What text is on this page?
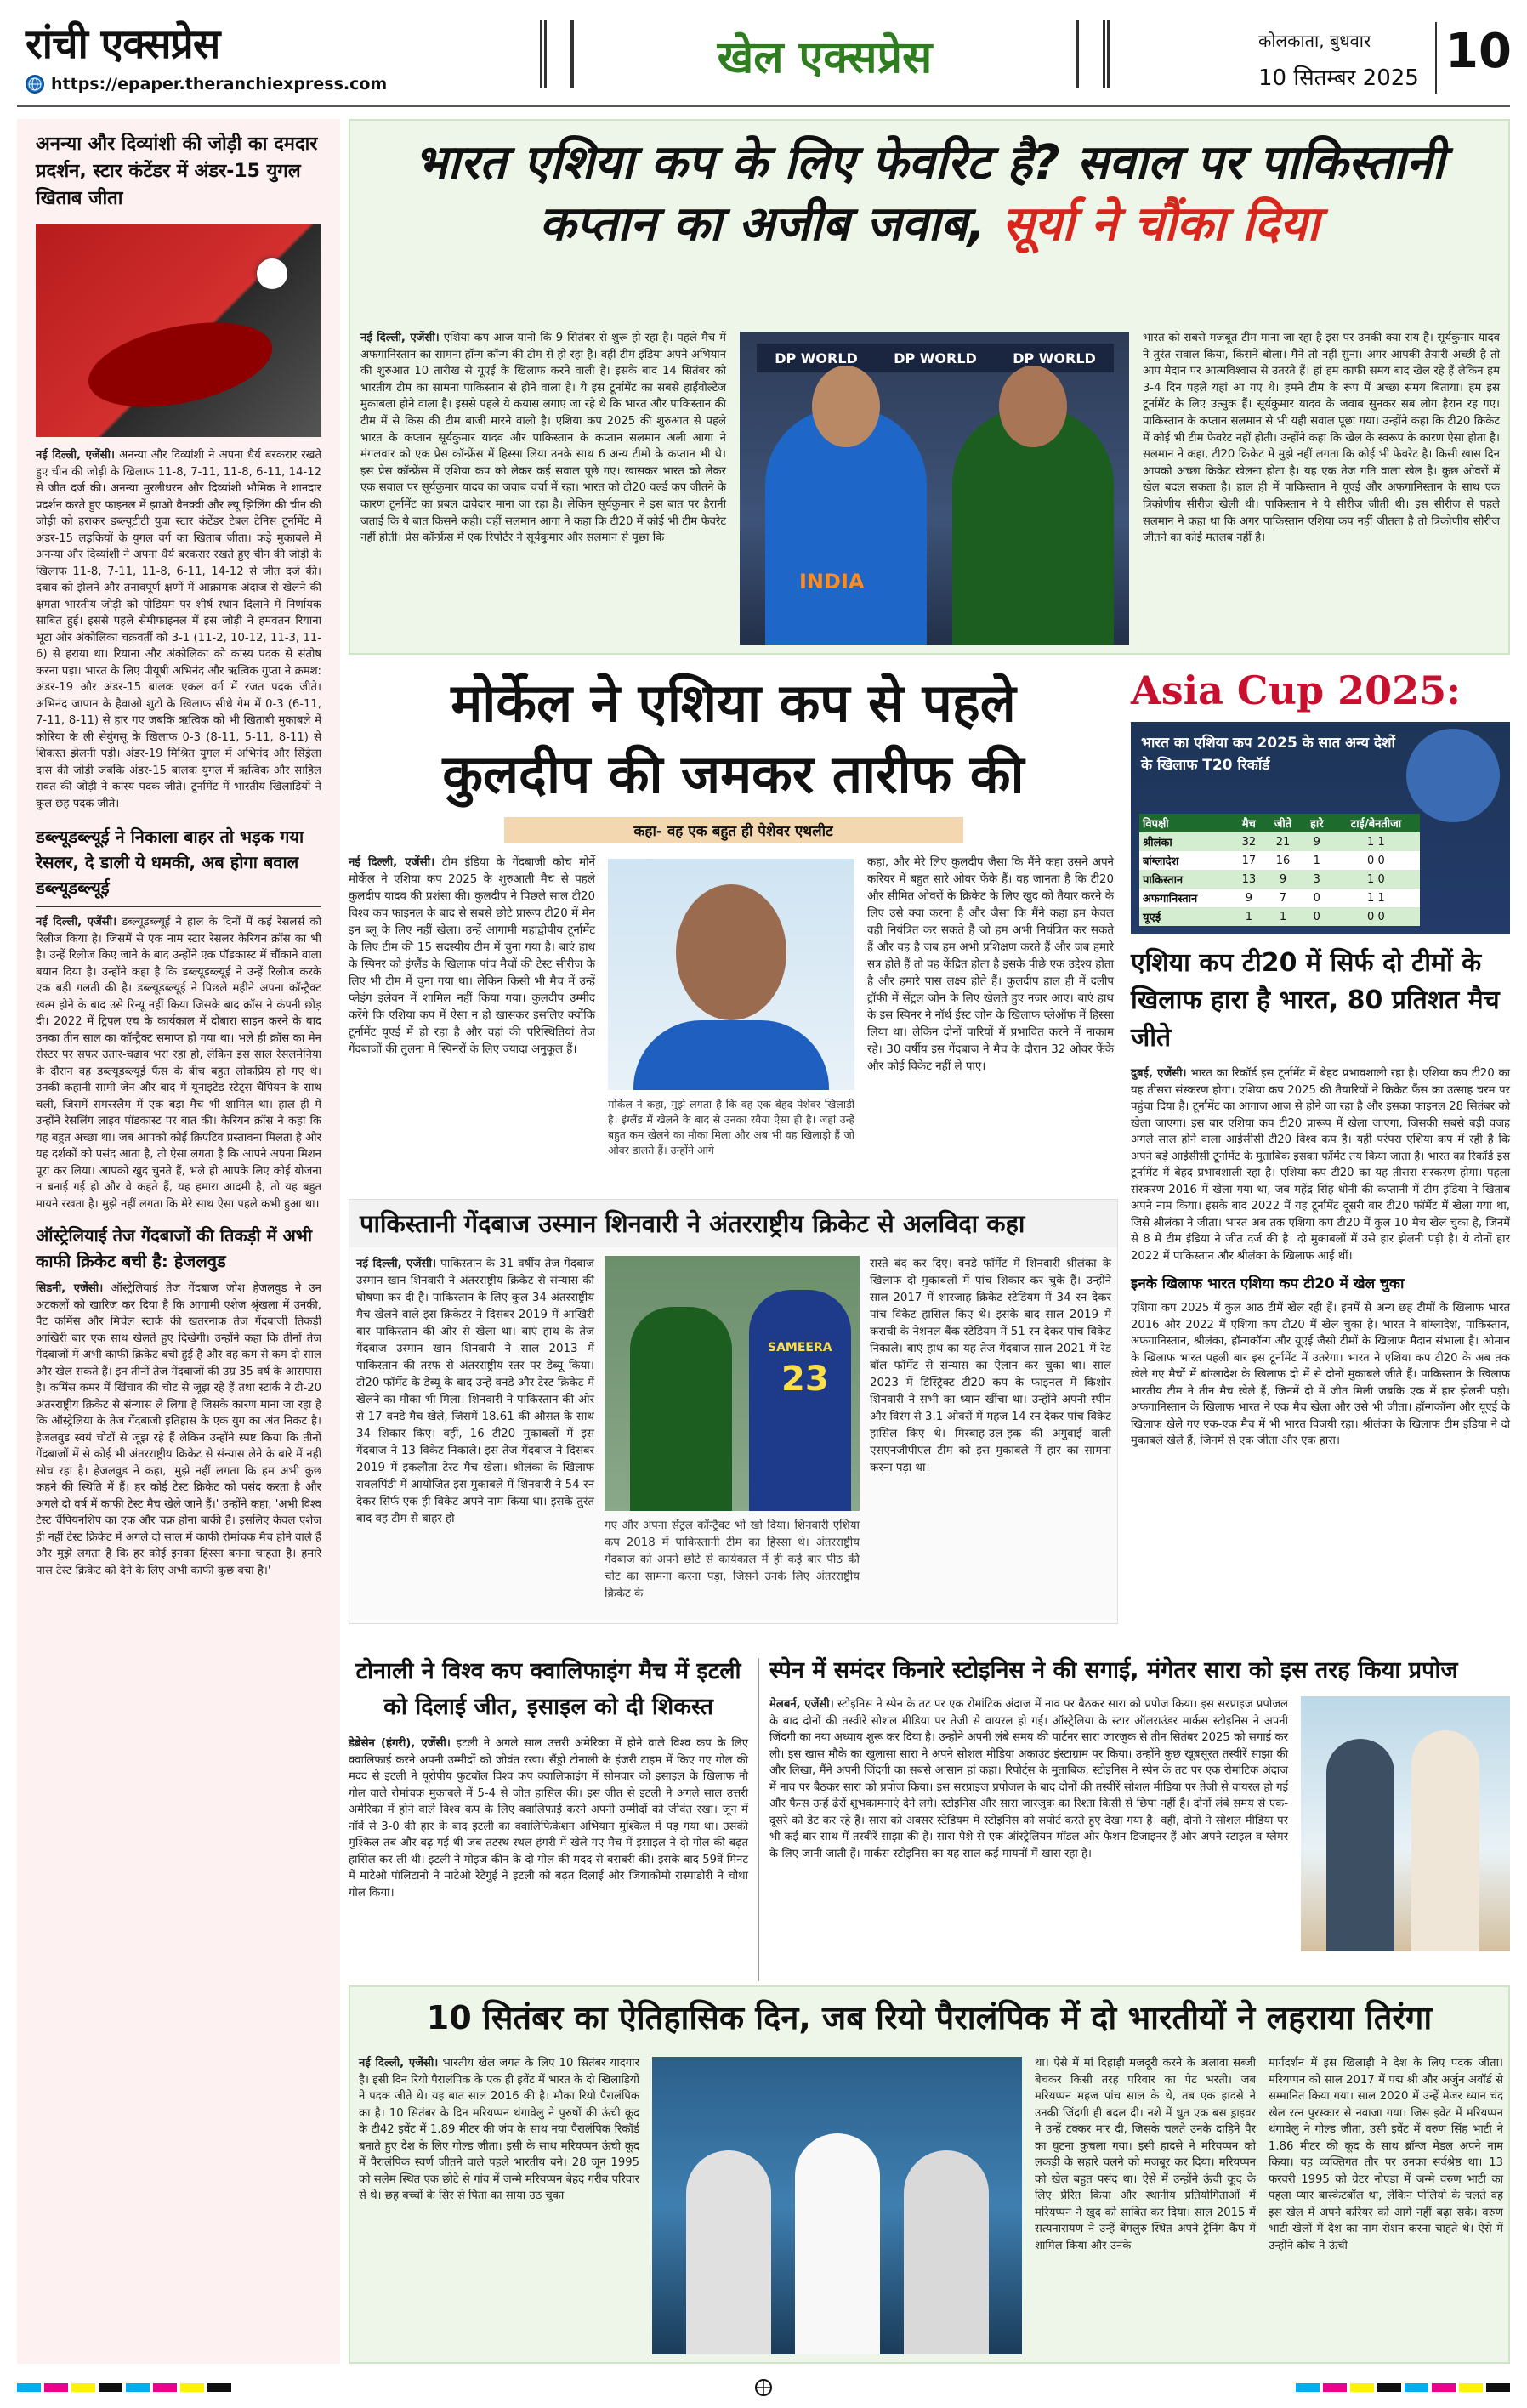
रांची एक्सप्रेस
https://epaper.theranchiexpress.com
खेल एक्सप्रेस	कोलकाता, बुधवार
10 सितम्बर 2025 10
अनन्या और दिव्यांशी की जोड़ी का दमदार प्रदर्शन, स्टार कंटेंडर में अंडर-15 युगल खिताब जीता
नई दिल्ली, एजेंसी। अनन्या और दिव्यांशी ने अपना धैर्य बरकरार रखते हुए चीन की जोड़ी के खिलाफ 11-8, 7-11, 11-8, 6-11, 14-12 से जीत दर्ज की। अनन्या मुरलीधरन और दिव्यांशी भौमिक ने शानदार प्रदर्शन करते हुए फाइनल में झाओ वैनक्वी और ल्यू झिलिंग की चीन की जोड़ी को हराकर डब्ल्यूटीटी युवा स्टार कंटेंडर टेबल टेनिस टूर्नामेंट में अंडर-15 लड़कियों के युगल वर्ग का खिताब जीता। कड़े मुकाबले में अनन्या और दिव्यांशी ने अपना धैर्य बरकरार रखते हुए चीन की जोड़ी के खिलाफ 11-8, 7-11, 11-8, 6-11, 14-12 से जीत दर्ज की। दबाव को झेलने और तनावपूर्ण क्षणों में आक्रामक अंदाज से खेलने की क्षमता भारतीय जोड़ी को पोडियम पर शीर्ष स्थान दिलाने में निर्णायक साबित हुई। इससे पहले सेमीफाइनल में इस जोड़ी ने हमवतन रियाना भूटा और अंकोलिका चक्रवर्ती को 3-1 (11-2, 10-12, 11-3, 11-6) से हराया था। रियाना और अंकोलिका को कांस्य पदक से संतोष करना पड़ा। भारत के लिए पीयूषी अभिनंद और ऋत्विक गुप्ता ने क्रमश: अंडर-19 और अंडर-15 बालक एकल वर्ग में रजत पदक जीते। अभिनंद जापान के हैवाओ शुटो के खिलाफ सीधे गेम में 0-3 (6-11, 7-11, 8-11) से हार गए जबकि ऋत्विक को भी खिताबी मुकाबले में कोरिया के ली सेयुंगसू के खिलाफ 0-3 (8-11, 5-11, 8-11) से शिकस्त झेलनी पड़ी। अंडर-19 मिश्रित युगल में अभिनंद और सिंड्रेला दास की जोड़ी जबकि अंडर-15 बालक युगल में ऋत्विक और साहिल रावत की जोड़ी ने कांस्य पदक जीते। टूर्नामेंट में भारतीय खिलाड़ियों ने कुल छह पदक जीते।
डब्ल्यूडब्ल्यूई ने निकाला बाहर तो भड़क गया रेसलर, दे डाली ये धमकी, अब होगा बवाल डब्ल्यूडब्ल्यूई
नई दिल्ली, एजेंसी। डब्ल्यूडब्ल्यूई ने हाल के दिनों में कई रेसलर्स को रिलीज किया है। जिसमें से एक नाम स्टार रेसलर कैरियन क्रॉस का भी है। उन्हें रिलीज किए जाने के बाद उन्होंने एक पॉडकास्ट में चौंकाने वाला बयान दिया है। उन्होंने कहा है कि डब्ल्यूडब्ल्यूई ने उन्हें रिलीज करके एक बड़ी गलती की है। डब्ल्यूडब्ल्यूई ने पिछले महीने अपना कॉन्ट्रैक्ट खत्म होने के बाद उसे रिन्यू नहीं किया जिसके बाद क्रॉस ने कंपनी छोड़ दी। 2022 में ट्रिपल एच के कार्यकाल में दोबारा साइन करने के बाद उनका तीन साल का कॉन्ट्रैक्ट समाप्त हो गया था। भले ही क्रॉस का मेन रोस्टर पर सफर उतार-चढ़ाव भरा रहा हो, लेकिन इस साल रेसलमेनिया के दौरान वह डब्ल्यूडब्ल्यूई फैंस के बीच बहुत लोकप्रिय हो गए थे। उनकी कहानी सामी जेन और बाद में यूनाइटेड स्टेट्स चैंपियन के साथ चली, जिसमें समरस्लैम में एक बड़ा मैच भी शामिल था। हाल ही में उन्होंने रेसलिंग लाइव पॉडकास्ट पर बात की। कैरियन क्रॉस ने कहा कि यह बहुत अच्छा था। जब आपको कोई क्रिएटिव प्रस्तावना मिलता है और यह दर्शकों को पसंद आता है, तो ऐसा लगता है कि आपने अपना मिशन पूरा कर लिया। आपको खुद चुनते हैं, भले ही आपके लिए कोई योजना न बनाई गई हो और वे कहते हैं, यह हमारा आदमी है, तो यह बहुत मायने रखता है। मुझे नहीं लगता कि मेरे साथ ऐसा पहले कभी हुआ था।
ऑस्ट्रेलियाई तेज गेंदबाजों की तिकड़ी में अभी काफी क्रिकेट बची है: हेजलवुड
सिडनी, एजेंसी। ऑस्ट्रेलियाई तेज गेंदबाज जोश हेजलवुड ने उन अटकलों को खारिज कर दिया है कि आगामी एशेज श्रृंखला में उनकी, पैट कमिंस और मिचेल स्टार्क की खतरनाक तेज गेंदबाजी तिकड़ी आखिरी बार एक साथ खेलते हुए दिखेगी। उन्होंने कहा कि तीनों तेज गेंदबाजों में अभी काफी क्रिकेट बची हुई है और वह कम से कम दो साल और खेल सकते हैं। इन तीनों तेज गेंदबाजों की उम्र 35 वर्ष के आसपास है। कमिंस कमर में खिंचाव की चोट से जूझ रहे हैं तथा स्टार्क ने टी-20 अंतरराष्ट्रीय क्रिकेट से संन्यास ले लिया है जिसके कारण माना जा रहा है कि ऑस्ट्रेलिया के तेज गेंदबाजी इतिहास के एक युग का अंत निकट है। हेजलवुड स्वयं चोटों से जूझ रहे हैं लेकिन उन्होंने स्पष्ट किया कि तीनों गेंदबाजों में से कोई भी अंतरराष्ट्रीय क्रिकेट से संन्यास लेने के बारे में नहीं सोच रहा है। हेजलवुड ने कहा, 'मुझे नहीं लगता कि हम अभी कुछ कहने की स्थिति में हैं। हर कोई टेस्ट क्रिकेट को पसंद करता है और अगले दो वर्ष में काफी टेस्ट मैच खेले जाने हैं।' उन्होंने कहा, 'अभी विश्व टेस्ट चैंपियनशिप का एक और चक्र होना बाकी है। इसलिए केवल एशेज ही नहीं टेस्ट क्रिकेट में अगले दो साल में काफी रोमांचक मैच होने वाले हैं और मुझे लगता है कि हर कोई इनका हिस्सा बनना चाहता है। हमारे पास टेस्ट क्रिकेट को देने के लिए अभी काफी कुछ बचा है।'
भारत एशिया कप के लिए फेवरिट है? सवाल पर पाकिस्तानी
कप्तान का अजीब जवाब, सूर्या ने चौंका दिया
नई दिल्ली, एजेंसी। एशिया कप आज यानी कि 9 सितंबर से शुरू हो रहा है। पहले मैच में अफगानिस्तान का सामना हॉन्ग कॉन्ग की टीम से हो रहा है। वहीं टीम इंडिया अपने अभियान की शुरुआत 10 तारीख से यूएई के खिलाफ करने वाली है। इसके बाद 14 सितंबर को भारतीय टीम का सामना पाकिस्तान से होने वाला है। ये इस टूर्नामेंट का सबसे हाईवोल्टेज मुकाबला होने वाला है। इससे पहले ये कयास लगाए जा रहे थे कि भारत और पाकिस्तान की टीम में से किस की टीम बाजी मारने वाली है। एशिया कप 2025 की शुरुआत से पहले भारत के कप्तान सूर्यकुमार यादव और पाकिस्तान के कप्तान सलमान अली आगा ने मंगलवार को एक प्रेस कॉन्फ्रेंस में हिस्सा लिया उनके साथ 6 अन्य टीमों के कप्तान भी थे। इस प्रेस कॉन्फ्रेंस में एशिया कप को लेकर कई सवाल पूछे गए। खासकर भारत को लेकर एक सवाल पर सूर्यकुमार यादव का जवाब चर्चा में रहा। भारत को टी20 वर्ल्ड कप जीतने के कारण टूर्नामेंट का प्रबल दावेदार माना जा रहा है। लेकिन सूर्यकुमार ने इस बात पर हैरानी जताई कि ये बात किसने कही। वहीं सलमान आगा ने कहा कि टी20 में कोई भी टीम फेवरेट नहीं होती। प्रेस कॉन्फ्रेंस में एक रिपोर्टर ने सूर्यकुमार और सलमान से पूछा कि
DP WORLD	DP WORLD	DP WORLD
INDIA
भारत को सबसे मजबूत टीम माना जा रहा है इस पर उनकी क्या राय है। सूर्यकुमार यादव ने तुरंत सवाल किया, किसने बोला। मैंने तो नहीं सुना। अगर आपकी तैयारी अच्छी है तो आप मैदान पर आत्मविश्वास से उतरते हैं। हां हम काफी समय बाद खेल रहे हैं लेकिन हम 3-4 दिन पहले यहां आ गए थे। हमने टीम के रूप में अच्छा समय बिताया। हम इस टूर्नामेंट के लिए उत्सुक हैं। सूर्यकुमार यादव के जवाब सुनकर सब लोग हैरान रह गए। पाकिस्तान के कप्तान सलमान से भी यही सवाल पूछा गया। उन्होंने कहा कि टी20 क्रिकेट में कोई भी टीम फेवरेट नहीं होती। उन्होंने कहा कि खेल के स्वरूप के कारण ऐसा होता है। सलमान ने कहा, टी20 क्रिकेट में मुझे नहीं लगता कि कोई भी फेवरेट है। किसी खास दिन आपको अच्छा क्रिकेट खेलना होता है। यह एक तेज गति वाला खेल है। कुछ ओवरों में खेल बदल सकता है। हाल ही में पाकिस्तान ने यूएई और अफगानिस्तान के साथ एक त्रिकोणीय सीरीज खेली थी। पाकिस्तान ने ये सीरीज जीती थी। इस सीरीज से पहले सलमान ने कहा था कि अगर पाकिस्तान एशिया कप नहीं जीतता है तो त्रिकोणीय सीरीज जीतने का कोई मतलब नहीं है।
मोर्केल ने एशिया कप से पहले
कुलदीप की जमकर तारीफ की
कहा- वह एक बहुत ही पेशेवर एथलीट
नई दिल्ली, एजेंसी। टीम इंडिया के गेंदबाजी कोच मोर्ने मोर्केल ने एशिया कप 2025 के शुरुआती मैच से पहले कुलदीप यादव की प्रशंसा की। कुलदीप ने पिछले साल टी20 विश्व कप फाइनल के बाद से सबसे छोटे प्रारूप टी20 में मेन इन ब्लू के लिए नहीं खेला। उन्हें आगामी महाद्वीपीय टूर्नामेंट के लिए टीम की 15 सदस्यीय टीम में चुना गया है। बाएं हाथ के स्पिनर को इंग्लैंड के खिलाफ पांच मैचों की टेस्ट सीरीज के लिए भी टीम में चुना गया था। लेकिन किसी भी मैच में उन्हें प्लेइंग इलेवन में शामिल नहीं किया गया। कुलदीप उम्मीद करेंगे कि एशिया कप में ऐसा न हो खासकर इसलिए क्योंकि टूर्नामेंट यूएई में हो रहा है और वहां की परिस्थितियां तेज गेंदबाजों की तुलना में स्पिनरों के लिए ज्यादा अनुकूल हैं।
मोर्केल ने कहा, मुझे लगता है कि वह एक बेहद पेशेवर खिलाड़ी है। इंग्लैंड में खेलने के बाद से उनका रवैया ऐसा ही है। जहां उन्हें बहुत कम खेलने का मौका मिला और अब भी वह खिलाड़ी हैं जो ओवर डालते हैं। उन्होंने आगे
कहा, और मेरे लिए कुलदीप जैसा कि मैंने कहा उसने अपने करियर में बहुत सारे ओवर फेंके हैं। वह जानता है कि टी20 और सीमित ओवरों के क्रिकेट के लिए खुद को तैयार करने के लिए उसे क्या करना है और जैसा कि मैंने कहा हम केवल वही नियंत्रित कर सकते हैं जो हम अभी नियंत्रित कर सकते हैं और वह है जब हम अभी प्रशिक्षण करते हैं और जब हमारे सत्र होते हैं तो वह केंद्रित होता है इसके पीछे एक उद्देश्य होता है और हमारे पास लक्ष्य होते हैं। कुलदीप हाल ही में दलीप ट्रॉफी में सेंट्रल जोन के लिए खेलते हुए नजर आए। बाएं हाथ के इस स्पिनर ने नॉर्थ ईस्ट जोन के खिलाफ प्लेऑफ में हिस्सा लिया था। लेकिन दोनों पारियों में प्रभावित करने में नाकाम रहे। 30 वर्षीय इस गेंदबाज ने मैच के दौरान 32 ओवर फेंके और कोई विकेट नहीं ले पाए।
Asia Cup 2025:
भारत का एशिया कप 2025 के सात अन्य देशों के खिलाफ T20 रिकॉर्ड
विपक्षी	मैच	जीते	हारे	टाई/बेनतीजा
श्रीलंका	32	21	9	1 1
बांग्लादेश	17	16	1	0 0
पाकिस्तान	13	9	3	1 0
अफगानिस्तान	9	7	0	1 1
यूएई	1	1	0	0 0
एशिया कप टी20 में सिर्फ दो टीमों के खिलाफ हारा है भारत, 80 प्रतिशत मैच जीते
दुबई, एजेंसी। भारत का रिकॉर्ड इस टूर्नामेंट में बेहद प्रभावशाली रहा है। एशिया कप टी20 का यह तीसरा संस्करण होगा। एशिया कप 2025 की तैयारियों ने क्रिकेट फैंस का उत्साह चरम पर पहुंचा दिया है। टूर्नामेंट का आगाज आज से होने जा रहा है और इसका फाइनल 28 सितंबर को खेला जाएगा। इस बार एशिया कप टी20 प्रारूप में खेला जाएगा, जिसकी सबसे बड़ी वजह अगले साल होने वाला आईसीसी टी20 विश्व कप है। यही परंपरा एशिया कप में रही है कि अपने बड़े आईसीसी टूर्नामेंट के मुताबिक इसका फॉर्मेट तय किया जाता है। भारत का रिकॉर्ड इस टूर्नामेंट में बेहद प्रभावशाली रहा है। एशिया कप टी20 का यह तीसरा संस्करण होगा। पहला संस्करण 2016 में खेला गया था, जब महेंद्र सिंह धोनी की कप्तानी में टीम इंडिया ने खिताब अपने नाम किया। इसके बाद 2022 में यह टूर्नामेंट दूसरी बार टी20 फॉर्मेट में खेला गया था, जिसे श्रीलंका ने जीता। भारत अब तक एशिया कप टी20 में कुल 10 मैच खेल चुका है, जिनमें से 8 में टीम इंडिया ने जीत दर्ज की है। दो मुकाबलों में उसे हार झेलनी पड़ी है। ये दोनों हार 2022 में पाकिस्तान और श्रीलंका के खिलाफ आई थीं।
इनके खिलाफ भारत एशिया कप टी20 में खेल चुका
एशिया कप 2025 में कुल आठ टीमें खेल रही हैं। इनमें से अन्य छह टीमों के खिलाफ भारत 2016 और 2022 में एशिया कप टी20 में खेल चुका है। भारत ने बांग्लादेश, पाकिस्तान, अफगानिस्तान, श्रीलंका, हॉन्गकॉन्ग और यूएई जैसी टीमों के खिलाफ मैदान संभाला है। ओमान के खिलाफ भारत पहली बार इस टूर्नामेंट में उतरेगा। भारत ने एशिया कप टी20 के अब तक खेले गए मैचों में बांग्लादेश के खिलाफ दो में से दोनों मुकाबले जीते हैं। पाकिस्तान के खिलाफ भारतीय टीम ने तीन मैच खेले हैं, जिनमें दो में जीत मिली जबकि एक में हार झेलनी पड़ी। अफगानिस्तान के खिलाफ भारत ने एक मैच खेला और उसे भी जीता। हॉन्गकॉन्ग और यूएई के खिलाफ खेले गए एक-एक मैच में भी भारत विजयी रहा। श्रीलंका के खिलाफ टीम इंडिया ने दो मुकाबले खेले हैं, जिनमें से एक जीता और एक हारा।
पाकिस्तानी गेंदबाज उस्मान शिनवारी ने अंतरराष्ट्रीय क्रिकेट से अलविदा कहा
नई दिल्ली, एजेंसी। पाकिस्तान के 31 वर्षीय तेज गेंदबाज उस्मान खान शिनवारी ने अंतरराष्ट्रीय क्रिकेट से संन्यास की घोषणा कर दी है। पाकिस्तान के लिए कुल 34 अंतरराष्ट्रीय मैच खेलने वाले इस क्रिकेटर ने दिसंबर 2019 में आखिरी बार पाकिस्तान की ओर से खेला था। बाएं हाथ के तेज गेंदबाज उस्मान खान शिनवारी ने साल 2013 में पाकिस्तान की तरफ से अंतरराष्ट्रीय स्तर पर डेब्यू किया। टी20 फॉर्मेट के डेब्यू के बाद उन्हें वनडे और टेस्ट क्रिकेट में खेलने का मौका भी मिला। शिनवारी ने पाकिस्तान की ओर से 17 वनडे मैच खेले, जिसमें 18.61 की औसत के साथ 34 शिकार किए। वहीं, 16 टी20 मुकाबलों में इस गेंदबाज ने 13 विकेट निकाले। इस तेज गेंदबाज ने दिसंबर 2019 में इकलौता टेस्ट मैच खेला। श्रीलंका के खिलाफ रावलपिंडी में आयोजित इस मुकाबले में शिनवारी ने 54 रन देकर सिर्फ एक ही विकेट अपने नाम किया था। इसके तुरंत बाद वह टीम से बाहर हो
SAMEERA
23
गए और अपना सेंट्रल कॉन्ट्रैक्ट भी खो दिया। शिनवारी एशिया कप 2018 में पाकिस्तानी टीम का हिस्सा थे। अंतरराष्ट्रीय गेंदबाज को अपने छोटे से कार्यकाल में ही कई बार पीठ की चोट का सामना करना पड़ा, जिसने उनके लिए अंतरराष्ट्रीय क्रिकेट के
रास्ते बंद कर दिए। वनडे फॉर्मेट में शिनवारी श्रीलंका के खिलाफ दो मुकाबलों में पांच शिकार कर चुके हैं। उन्होंने साल 2017 में शारजाह क्रिकेट स्टेडियम में 34 रन देकर पांच विकेट हासिल किए थे। इसके बाद साल 2019 में कराची के नेशनल बैंक स्टेडियम में 51 रन देकर पांच विकेट निकाले। बाएं हाथ का यह तेज गेंदबाज साल 2021 में रेड बॉल फॉर्मेट से संन्यास का ऐलान कर चुका था। साल 2023 में डिस्ट्रिक्ट टी20 कप के फाइनल में किशोर शिनवारी ने सभी का ध्यान खींचा था। उन्होंने अपनी स्पीन और विरंग से 3.1 ओवरों में महज 14 रन देकर पांच विकेट हासिल किए थे। मिस्बाह-उल-हक की अगुवाई वाली एसएनजीपीएल टीम को इस मुकाबले में हार का सामना करना पड़ा था।
टोनाली ने विश्व कप क्वालिफाइंग मैच में इटली को दिलाई जीत, इसाइल को दी शिकस्त
डेब्रेसेन (हंगरी), एजेंसी। इटली ने अगले साल उत्तरी अमेरिका में होने वाले विश्व कप के लिए क्वालिफाई करने अपनी उम्मीदों को जीवंत रखा। सैंड्रो टोनाली के इंजरी टाइम में किए गए गोल की मदद से इटली ने यूरोपीय फुटबॉल विश्व कप क्वालिफाइंग में सोमवार को इसाइल के खिलाफ नौ गोल वाले रोमांचक मुकाबले में 5-4 से जीत हासिल की। इस जीत से इटली ने अगले साल उत्तरी अमेरिका में होने वाले विश्व कप के लिए क्वालिफाई करने अपनी उम्मीदों को जीवंत रखा। जून में नॉर्वे से 3-0 की हार के बाद इटली का क्वालिफिकेशन अभियान मुश्किल में पड़ गया था। उसकी मुश्किल तब और बढ़ गई थी जब तटस्थ स्थल हंगरी में खेले गए मैच में इसाइल ने दो गोल की बढ़त हासिल कर ली थी। इटली ने मोइज कीन के दो गोल की मदद से बराबरी की। इसके बाद 59वें मिनट में माटेओ पॉलिटानो ने माटेओ रेटेगुई ने इटली को बढ़त दिलाई और जियाकोमो रास्पाडोरी ने चौथा गोल किया।
स्पेन में समंदर किनारे स्टोइनिस ने की सगाई, मंगेतर सारा को इस तरह किया प्रपोज
मेलबर्न, एजेंसी। स्टोइनिस ने स्पेन के तट पर एक रोमांटिक अंदाज में नाव पर बैठकर सारा को प्रपोज किया। इस सरप्राइज प्रपोजल के बाद दोनों की तस्वीरें सोशल मीडिया पर तेजी से वायरल हो गईं। ऑस्ट्रेलिया के स्टार ऑलराउंडर मार्कस स्टोइनिस ने अपनी जिंदगी का नया अध्याय शुरू कर दिया है। उन्होंने अपनी लंबे समय की पार्टनर सारा जारजुक से तीन सितंबर 2025 को सगाई कर ली। इस खास मौके का खुलासा सारा ने अपने सोशल मीडिया अकाउंट इंस्टाग्राम पर किया। उन्होंने कुछ खूबसूरत तस्वीरें साझा की और लिखा, मैंने अपनी जिंदगी का सबसे आसान हां कहा। रिपोर्ट्स के मुताबिक, स्टोइनिस ने स्पेन के तट पर एक रोमांटिक अंदाज में नाव पर बैठकर सारा को प्रपोज किया। इस सरप्राइज प्रपोजल के बाद दोनों की तस्वीरें सोशल मीडिया पर तेजी से वायरल हो गईं और फैन्स उन्हें ढेरों शुभकामनाएं देने लगे। स्टोइनिस और सारा जारजुक का रिश्ता किसी से छिपा नहीं है। दोनों लंबे समय से एक-दूसरे को डेट कर रहे हैं। सारा को अक्सर स्टेडियम में स्टोइनिस को सपोर्ट करते हुए देखा गया है। वहीं, दोनों ने सोशल मीडिया पर भी कई बार साथ में तस्वीरें साझा की हैं। सारा पेशे से एक ऑस्ट्रेलियन मॉडल और फैशन डिजाइनर हैं और अपने स्टाइल व ग्लैमर के लिए जानी जाती हैं। मार्कस स्टोइनिस का यह साल कई मायनों में खास रहा है।
10 सितंबर का ऐतिहासिक दिन, जब रियो पैरालंपिक में दो भारतीयों ने लहराया तिरंगा
नई दिल्ली, एजेंसी। भारतीय खेल जगत के लिए 10 सितंबर यादगार है। इसी दिन रियो पैरालंपिक के एक ही इवेंट में भारत के दो खिलाड़ियों ने पदक जीते थे। यह बात साल 2016 की है। मौका रियो पैरालंपिक का है। 10 सितंबर के दिन मरियप्पन थंगावेलु ने पुरुषों की ऊंची कूद के टी42 इवेंट में 1.89 मीटर की जंप के साथ नया पैरालंपिक रिकॉर्ड बनाते हुए देश के लिए गोल्ड जीता। इसी के साथ मरियप्पन ऊंची कूद में पैरालंपिक स्वर्ण जीतने वाले पहले भारतीय बने। 28 जून 1995 को सलेम स्थित एक छोटे से गांव में जन्मे मरियप्पन बेहद गरीब परिवार से थे। छह बच्चों के सिर से पिता का साया उठ चुका
था। ऐसे में मां दिहाड़ी मजदूरी करने के अलावा सब्जी बेचकर किसी तरह परिवार का पेट भरती। जब मरियप्पन महज पांच साल के थे, तब एक हादसे ने उनकी जिंदगी ही बदल दी। नशे में धुत एक बस ड्राइवर ने उन्हें टक्कर मार दी, जिसके चलते उनके दाहिने पैर का घुटना कुचला गया। इसी हादसे ने मरियप्पन को लकड़ी के सहारे चलने को मजबूर कर दिया। मरियप्पन को खेल बहुत पसंद था। ऐसे में उन्होंने ऊंची कूद के लिए प्रेरित किया और स्थानीय प्रतियोगिताओं में मरियप्पन ने खुद को साबित कर दिया। साल 2015 में सत्यनारायण ने उन्हें बेंगलुरु स्थित अपने ट्रेनिंग कैंप में शामिल किया और उनके
मार्गदर्शन में इस खिलाड़ी ने देश के लिए पदक जीता। मरियप्पन को साल 2017 में पद्म श्री और अर्जुन अवॉर्ड से सम्मानित किया गया। साल 2020 में उन्हें मेजर ध्यान चंद खेल रत्न पुरस्कार से नवाजा गया। जिस इवेंट में मरियप्पन थंगावेलु ने गोल्ड जीता, उसी इवेंट में वरुण सिंह भाटी ने 1.86 मीटर की कूद के साथ ब्रॉन्ज मेडल अपने नाम किया। यह व्यक्तिगत तौर पर उनका सर्वश्रेष्ठ था। 13 फरवरी 1995 को ग्रेटर नोएडा में जन्मे वरुण भाटी का पहला प्यार बास्केटबॉल था, लेकिन पोलियो के चलते वह इस खेल में अपने करियर को आगे नहीं बढ़ा सके। वरुण भाटी खेलों में देश का नाम रोशन करना चाहते थे। ऐसे में उन्होंने कोच ने ऊंची
